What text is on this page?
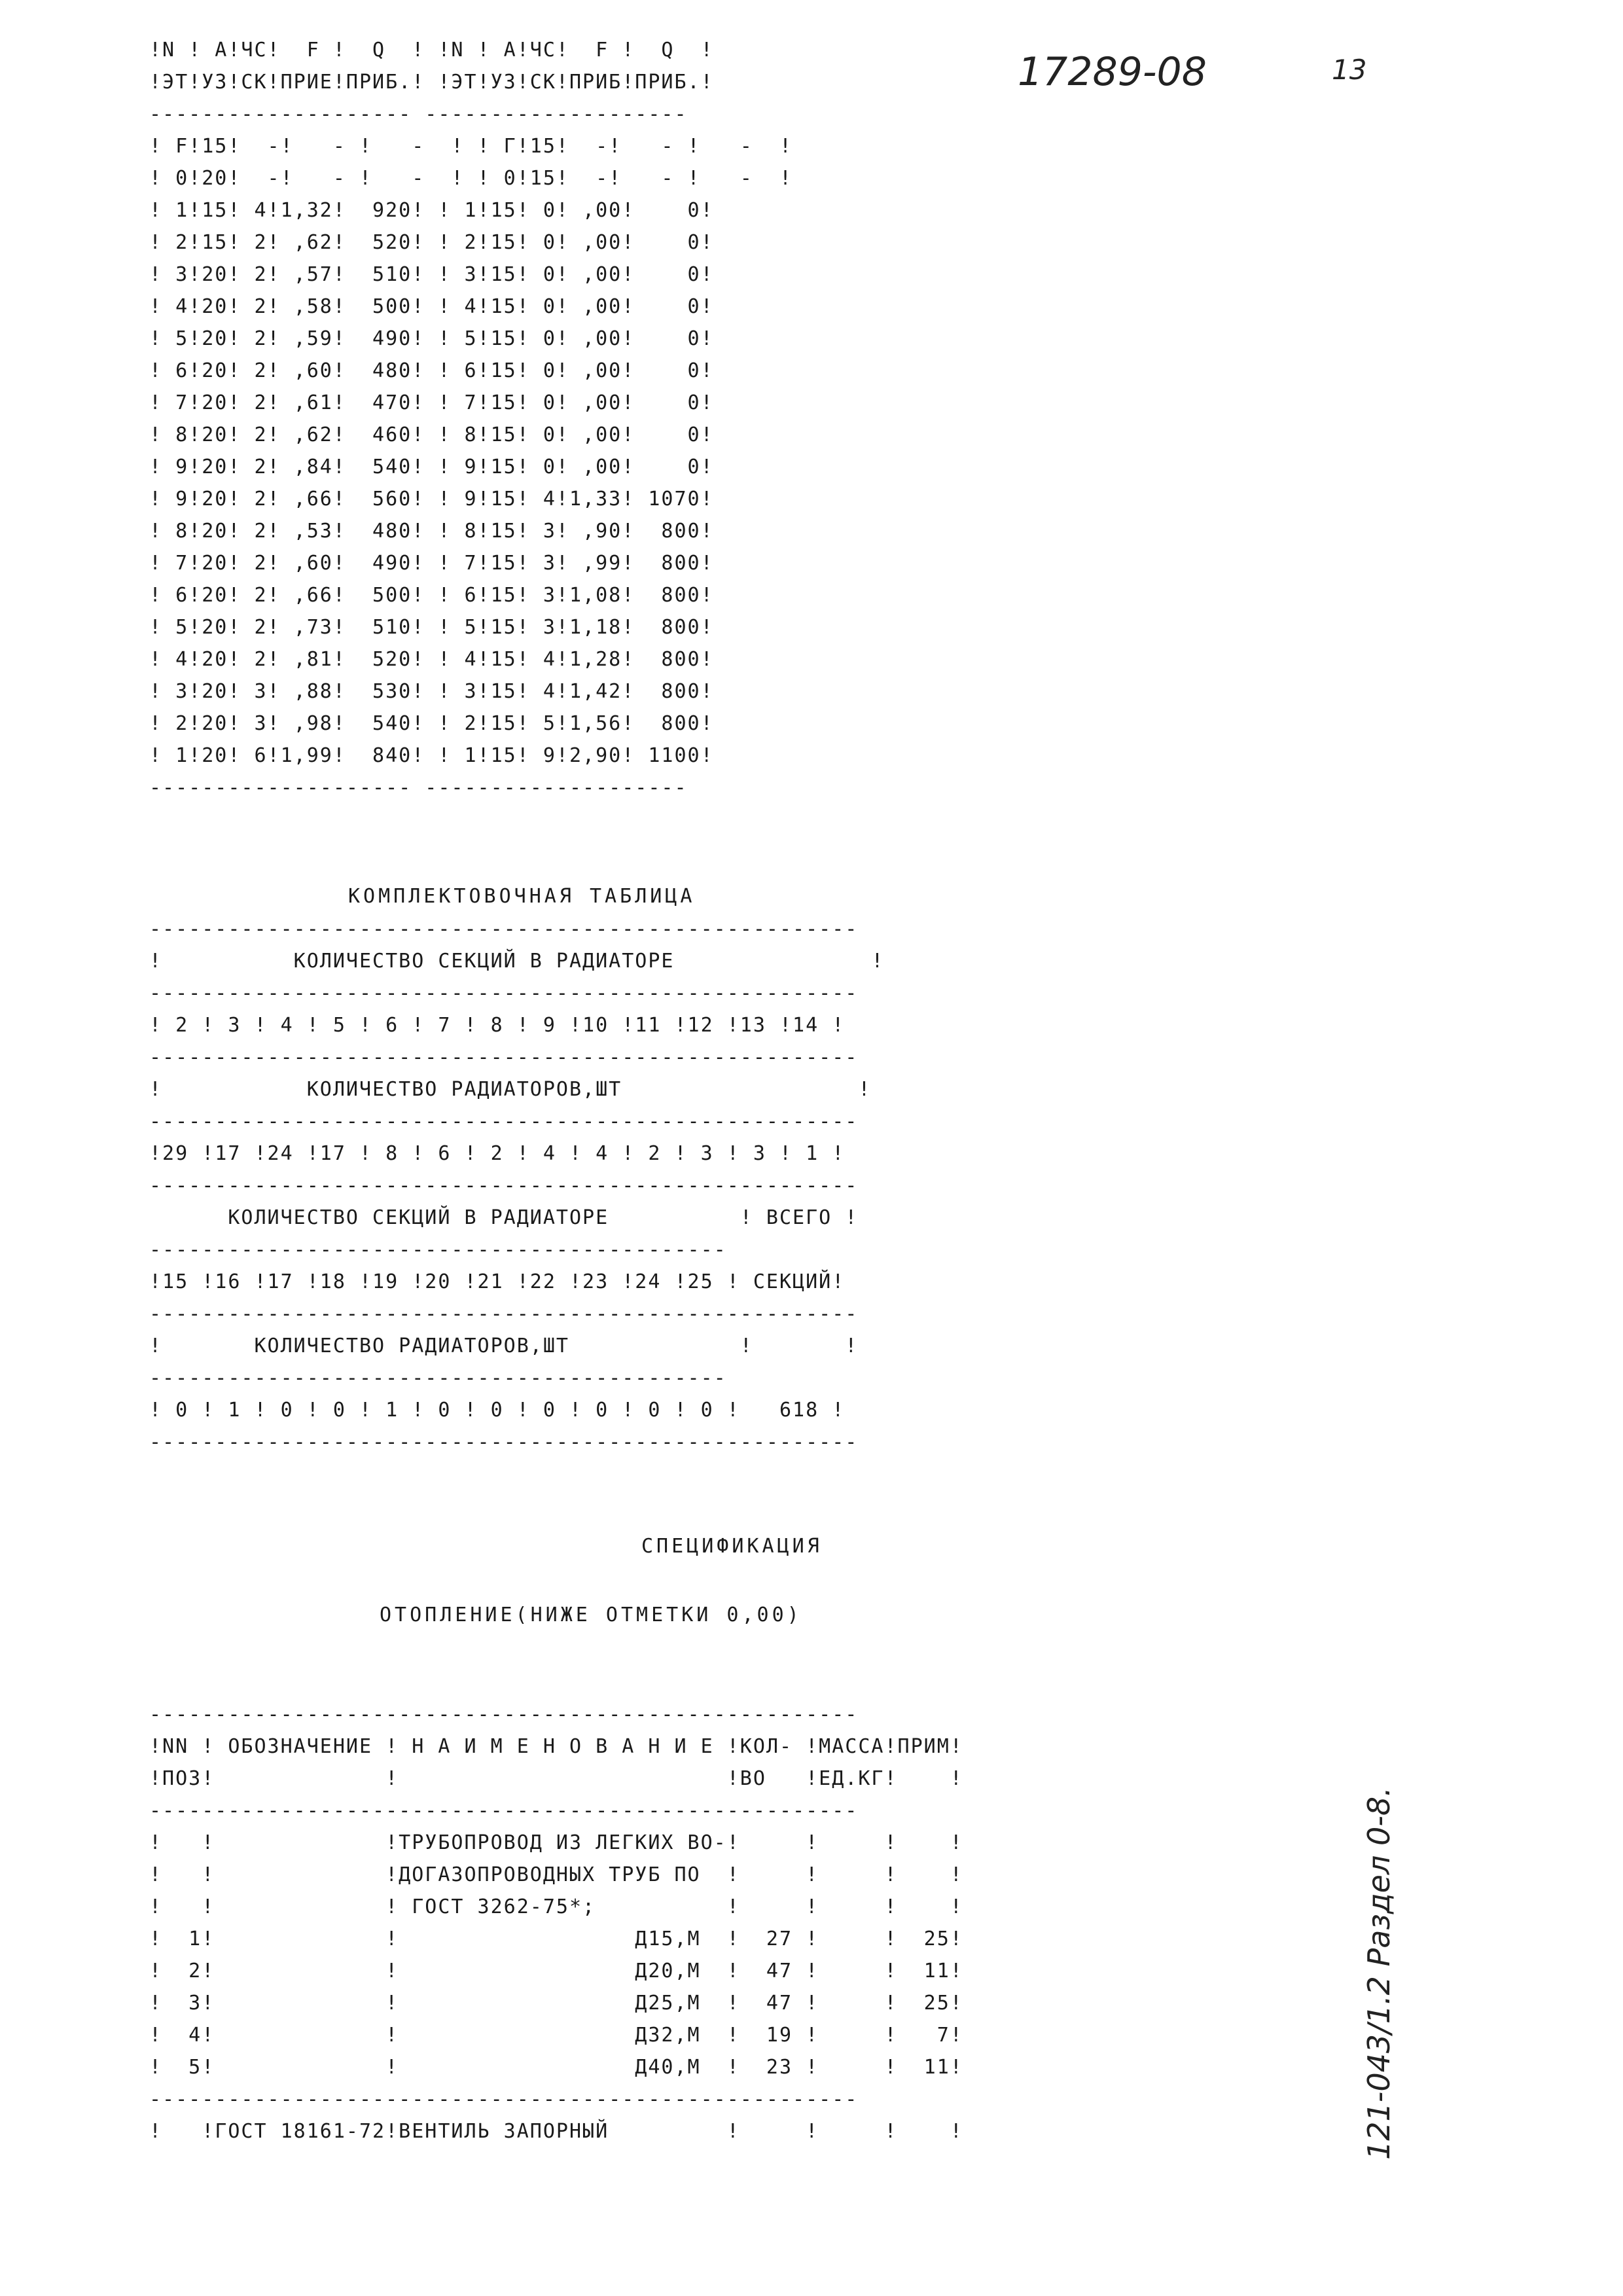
17289-08	13
!N ! A!ЧС!  F !  Q  ! !N ! A!ЧС!  F !  Q  !
!ЭТ!УЗ!СК!ПРИЕ!ПРИБ.! !ЭТ!УЗ!СК!ПРИБ!ПРИБ.!
-------------------- --------------------
! F!15!  -!   - !   -  ! ! Г!15!  -!   - !   -  !
! 0!20!  -!   - !   -  ! ! 0!15!  -!   - !   -  !
! 1!15! 4!1,32!  920! ! 1!15! 0! ,00!    0!
! 2!15! 2! ,62!  520! ! 2!15! 0! ,00!    0!
! 3!20! 2! ,57!  510! ! 3!15! 0! ,00!    0!
! 4!20! 2! ,58!  500! ! 4!15! 0! ,00!    0!
! 5!20! 2! ,59!  490! ! 5!15! 0! ,00!    0!
! 6!20! 2! ,60!  480! ! 6!15! 0! ,00!    0!
! 7!20! 2! ,61!  470! ! 7!15! 0! ,00!    0!
! 8!20! 2! ,62!  460! ! 8!15! 0! ,00!    0!
! 9!20! 2! ,84!  540! ! 9!15! 0! ,00!    0!
! 9!20! 2! ,66!  560! ! 9!15! 4!1,33! 1070!
! 8!20! 2! ,53!  480! ! 8!15! 3! ,90!  800!
! 7!20! 2! ,60!  490! ! 7!15! 3! ,99!  800!
! 6!20! 2! ,66!  500! ! 6!15! 3!1,08!  800!
! 5!20! 2! ,73!  510! ! 5!15! 3!1,18!  800!
! 4!20! 2! ,81!  520! ! 4!15! 4!1,28!  800!
! 3!20! 3! ,88!  530! ! 3!15! 4!1,42!  800!
! 2!20! 3! ,98!  540! ! 2!15! 5!1,56!  800!
! 1!20! 6!1,99!  840! ! 1!15! 9!2,90! 1100!
-------------------- --------------------
КОМПЛЕКТОВОЧНАЯ ТАБЛИЦА
------------------------------------------------------
!          КОЛИЧЕСТВО СЕКЦИЙ В РАДИАТОРЕ               !
------------------------------------------------------
! 2 ! 3 ! 4 ! 5 ! 6 ! 7 ! 8 ! 9 !10 !11 !12 !13 !14 !
------------------------------------------------------
!           КОЛИЧЕСТВО РАДИАТОРОВ,ШТ                  !
------------------------------------------------------
!29 !17 !24 !17 ! 8 ! 6 ! 2 ! 4 ! 4 ! 2 ! 3 ! 3 ! 1 !
------------------------------------------------------
КОЛИЧЕСТВО СЕКЦИЙ В РАДИАТОРЕ          ! ВСЕГО !
--------------------------------------------
!15 !16 !17 !18 !19 !20 !21 !22 !23 !24 !25 ! СЕКЦИЙ!
------------------------------------------------------
!       КОЛИЧЕСТВО РАДИАТОРОВ,ШТ             !       !
--------------------------------------------
! 0 ! 1 ! 0 ! 0 ! 1 ! 0 ! 0 ! 0 ! 0 ! 0 ! 0 !   618 !
------------------------------------------------------
СПЕЦИФИКАЦИЯ
ОТОПЛЕНИЕ(НИЖЕ ОТМЕТКИ 0,00)
------------------------------------------------------
!NN ! ОБОЗНАЧЕНИЕ ! Н А И М Е Н О В А Н И Е !КОЛ- !МАССА!ПРИМ!
!ПОЗ!             !                         !ВО   !ЕД.КГ!    !
------------------------------------------------------
!   !             !ТРУБОПРОВОД ИЗ ЛЕГКИХ ВО-!     !     !    !
!   !             !ДОГАЗОПРОВОДНЫХ ТРУБ ПО  !     !     !    !
!   !             ! ГОСТ 3262-75*;          !     !     !    !
!  1!             !                  Д15,М  !  27 !     !  25!
!  2!             !                  Д20,М  !  47 !     !  11!
!  3!             !                  Д25,М  !  47 !     !  25!
!  4!             !                  Д32,М  !  19 !     !   7!
!  5!             !                  Д40,М  !  23 !     !  11!
------------------------------------------------------
!   !ГОСТ 18161-72!ВЕНТИЛЬ ЗАПОРНЫЙ         !     !     !    !	121-043/1.2 Раздел 0-8.
